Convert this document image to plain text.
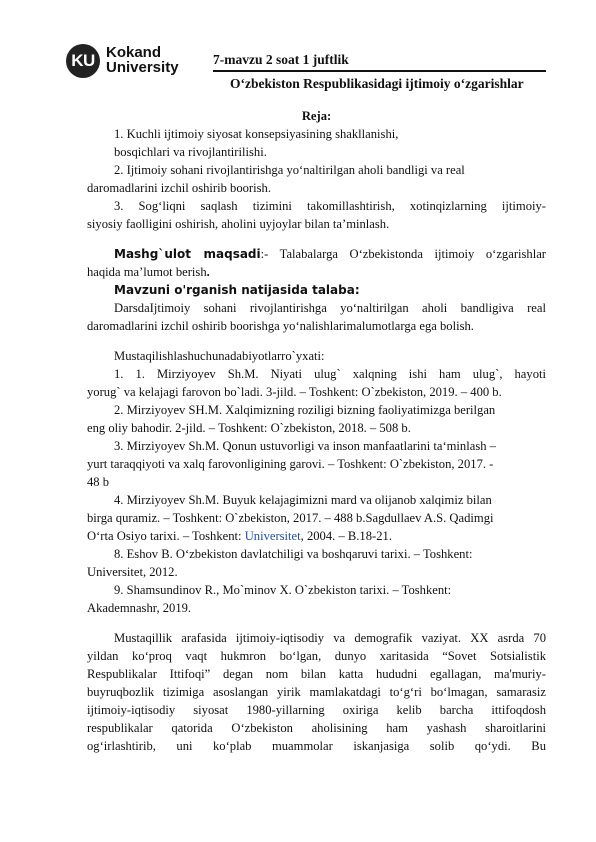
KU Kokand
University	7-mavzu 2 soat 1 juftlik
O‘zbekiston Respublikasidagi ijtimoiy o‘zgarishlar
Reja:

1. Kuchli ijtimoiy siyosat konsepsiyasining shakllanishi,

bosqichlari va rivojlantirilishi.

2. Ijtimoiy sohani rivojlantirishga yo‘naltirilgan aholi bandligi va real

daromadlarini izchil oshirib boorish.

3. Sog‘liqni saqlash tizimini takomillashtirish, xotinqizlarning ijtimoiy-

siyosiy faolligini oshirish, aholini uyjoylar bilan ta’minlash.

Mashg`ulot maqsadi:- Talabalarga O‘zbekistonda ijtimoiy o‘zgarishlar

haqida ma’lumot berish.

Mavzuni o'rganish natijasida talaba:

DarsdaIjtimoiy sohani rivojlantirishga yo‘naltirilgan aholi bandligiva real

daromadlarini izchil oshirib boorishga yo‘nalishlarimalumotlarga ega bolish.

Mustaqilishlashuchunadabiyotlarro`yxati:

1. 1. Mirziyoyev Sh.M. Niyati ulug` xalqning ishi ham ulug`, hayoti

yorug` va kelajagi farovon bo`ladi. 3-jild. – Toshkent: O`zbekiston, 2019. – 400 b.

2. Mirziyoyev SH.M. Xalqimizning roziligi bizning faoliyatimizga berilgan

eng oliy bahodir. 2-jild. – Toshkent: O`zbekiston, 2018. – 508 b.

3. Mirziyoyev Sh.M. Qonun ustuvorligi va inson manfaatlarini ta‘minlash –

yurt taraqqiyoti va xalq farovonligining garovi. – Toshkent: O`zbekiston, 2017. -

48 b

4. Mirziyoyev Sh.M. Buyuk kelajagimizni mard va olijanob xalqimiz bilan

birga quramiz. – Toshkent: O`zbekiston, 2017. – 488 b.Sagdullaev A.S. Qadimgi

O‘rta Osiyo tarixi. – Toshkent: Universitet, 2004. – B.18-21.

8. Eshov B. O‘zbekiston davlatchiligi va boshqaruvi tarixi. – Toshkent:

Universitet, 2012.

9. Shamsundinov R., Mo`minov X. O`zbekiston tarixi. – Toshkent:

Akademnashr, 2019.

Mustaqillik arafasida ijtimoiy-iqtisodiy va demografik vaziyat. XX asrda 70

yildan ko‘proq vaqt hukmron bo‘lgan, dunyo xaritasida “Sovet Sotsialistik

Respublikalar Ittifoqi” degan nom bilan katta hududni egallagan, ma'muriy-

buyruqbozlik tizimiga asoslangan yirik mamlakatdagi to‘g‘ri bo‘lmagan, samarasiz

ijtimoiy-iqtisodiy siyosat 1980-yillarning oxiriga kelib barcha ittifoqdosh

respublikalar qatorida O‘zbekiston aholisining ham yashash sharoitlarini

og‘irlashtirib, uni ko‘plab muammolar iskanjasiga solib qo‘ydi. Bu
